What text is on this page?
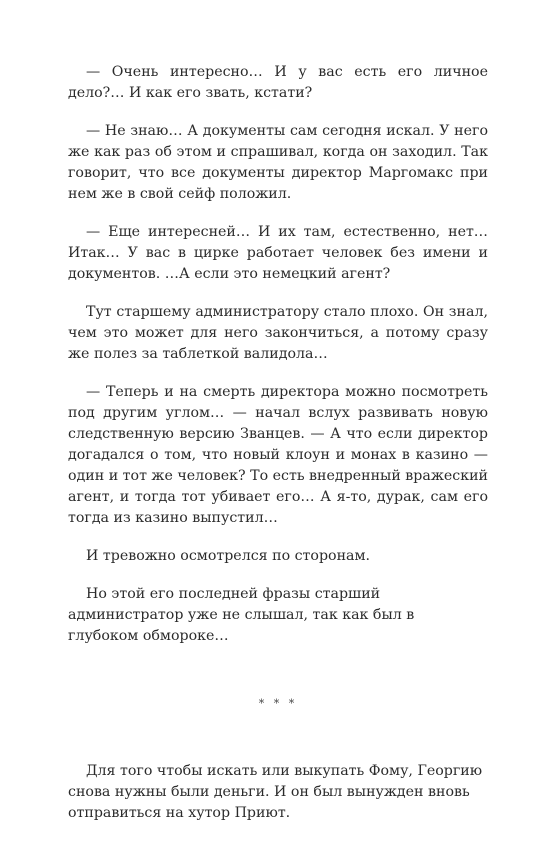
— Очень интересно… И у вас есть его личное дело?… И как его звать, кстати?

— Не знаю… А документы сам сегодня искал. У него же как раз об этом и спрашивал, когда он заходил. Так говорит, что все документы директор Маргомакс при нем же в свой сейф положил.

— Еще интересней… И их там, естественно, нет… Итак… У вас в цирке работает человек без имени и документов. …А если это немецкий агент?

Тут старшему администратору стало плохо. Он знал, чем это может для него закончиться, а потому сразу же полез за таблеткой валидола…

— Теперь и на смерть директора можно посмотреть под другим углом… — начал вслух развивать новую следственную версию Званцев. — А что если директор догадался о том, что новый клоун и монах в казино — один и тот же человек? То есть внедренный вражеский агент, и тогда тот убивает его… А я-то, дурак, сам его тогда из казино выпустил…

И тревожно осмотрелся по сторонам.

Но этой его последней фразы старший администратор уже не слышал, так как был в глубоком обмороке…

* * *

Для того чтобы искать или выкупать Фому, Георгию снова нужны были деньги. И он был вынужден вновь отправиться на хутор Приют.
